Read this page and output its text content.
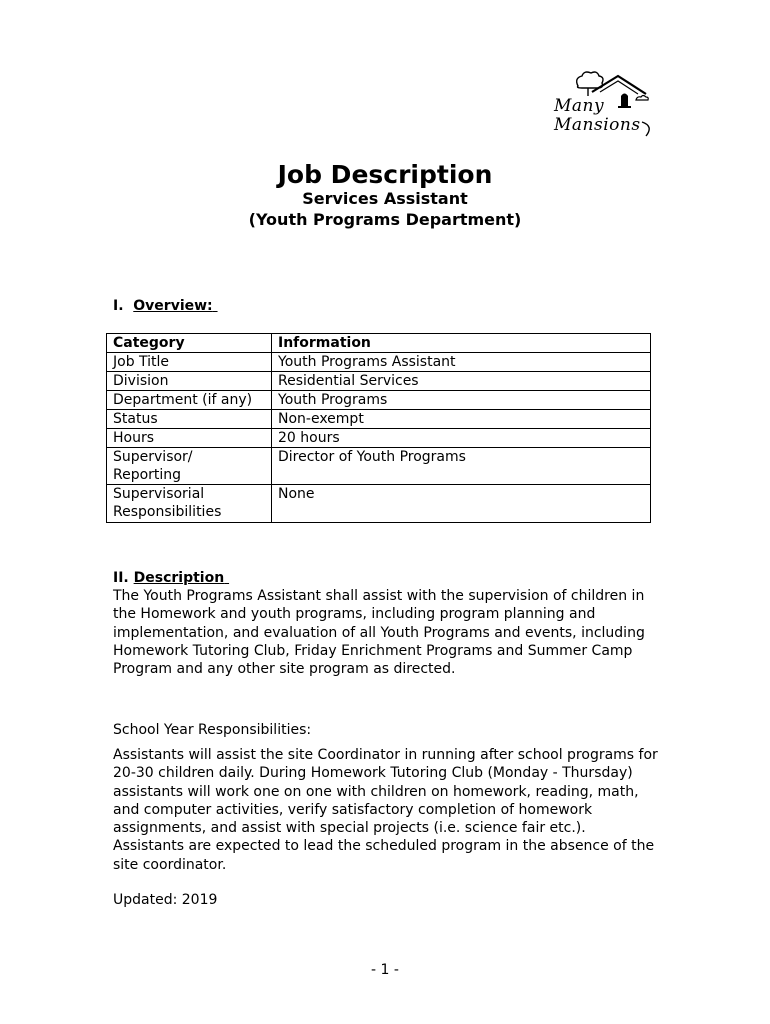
Many
Mansions
Job Description
Services Assistant
(Youth Programs Department)
I. Overview:
Category	Information
Job Title	Youth Programs Assistant
Division	Residential Services
Department (if any)	Youth Programs
Status	Non-exempt
Hours	20 hours
Supervisor/ Reporting	Director of Youth Programs
Supervisorial Responsibilities	None
II. Description
The Youth Programs Assistant shall assist with the supervision of children in the Homework and youth programs, including program planning and implementation, and evaluation of all Youth Programs and events, including Homework Tutoring Club, Friday Enrichment Programs and Summer Camp Program and any other site program as directed.
School Year Responsibilities:
Assistants will assist the site Coordinator in running after school programs for 20-30 children daily. During Homework Tutoring Club (Monday - Thursday) assistants will work one on one with children on homework, reading, math, and computer activities, verify satisfactory completion of homework assignments, and assist with special projects (i.e. science fair etc.). Assistants are expected to lead the scheduled program in the absence of the site coordinator.
Updated: 2019
- 1 -
